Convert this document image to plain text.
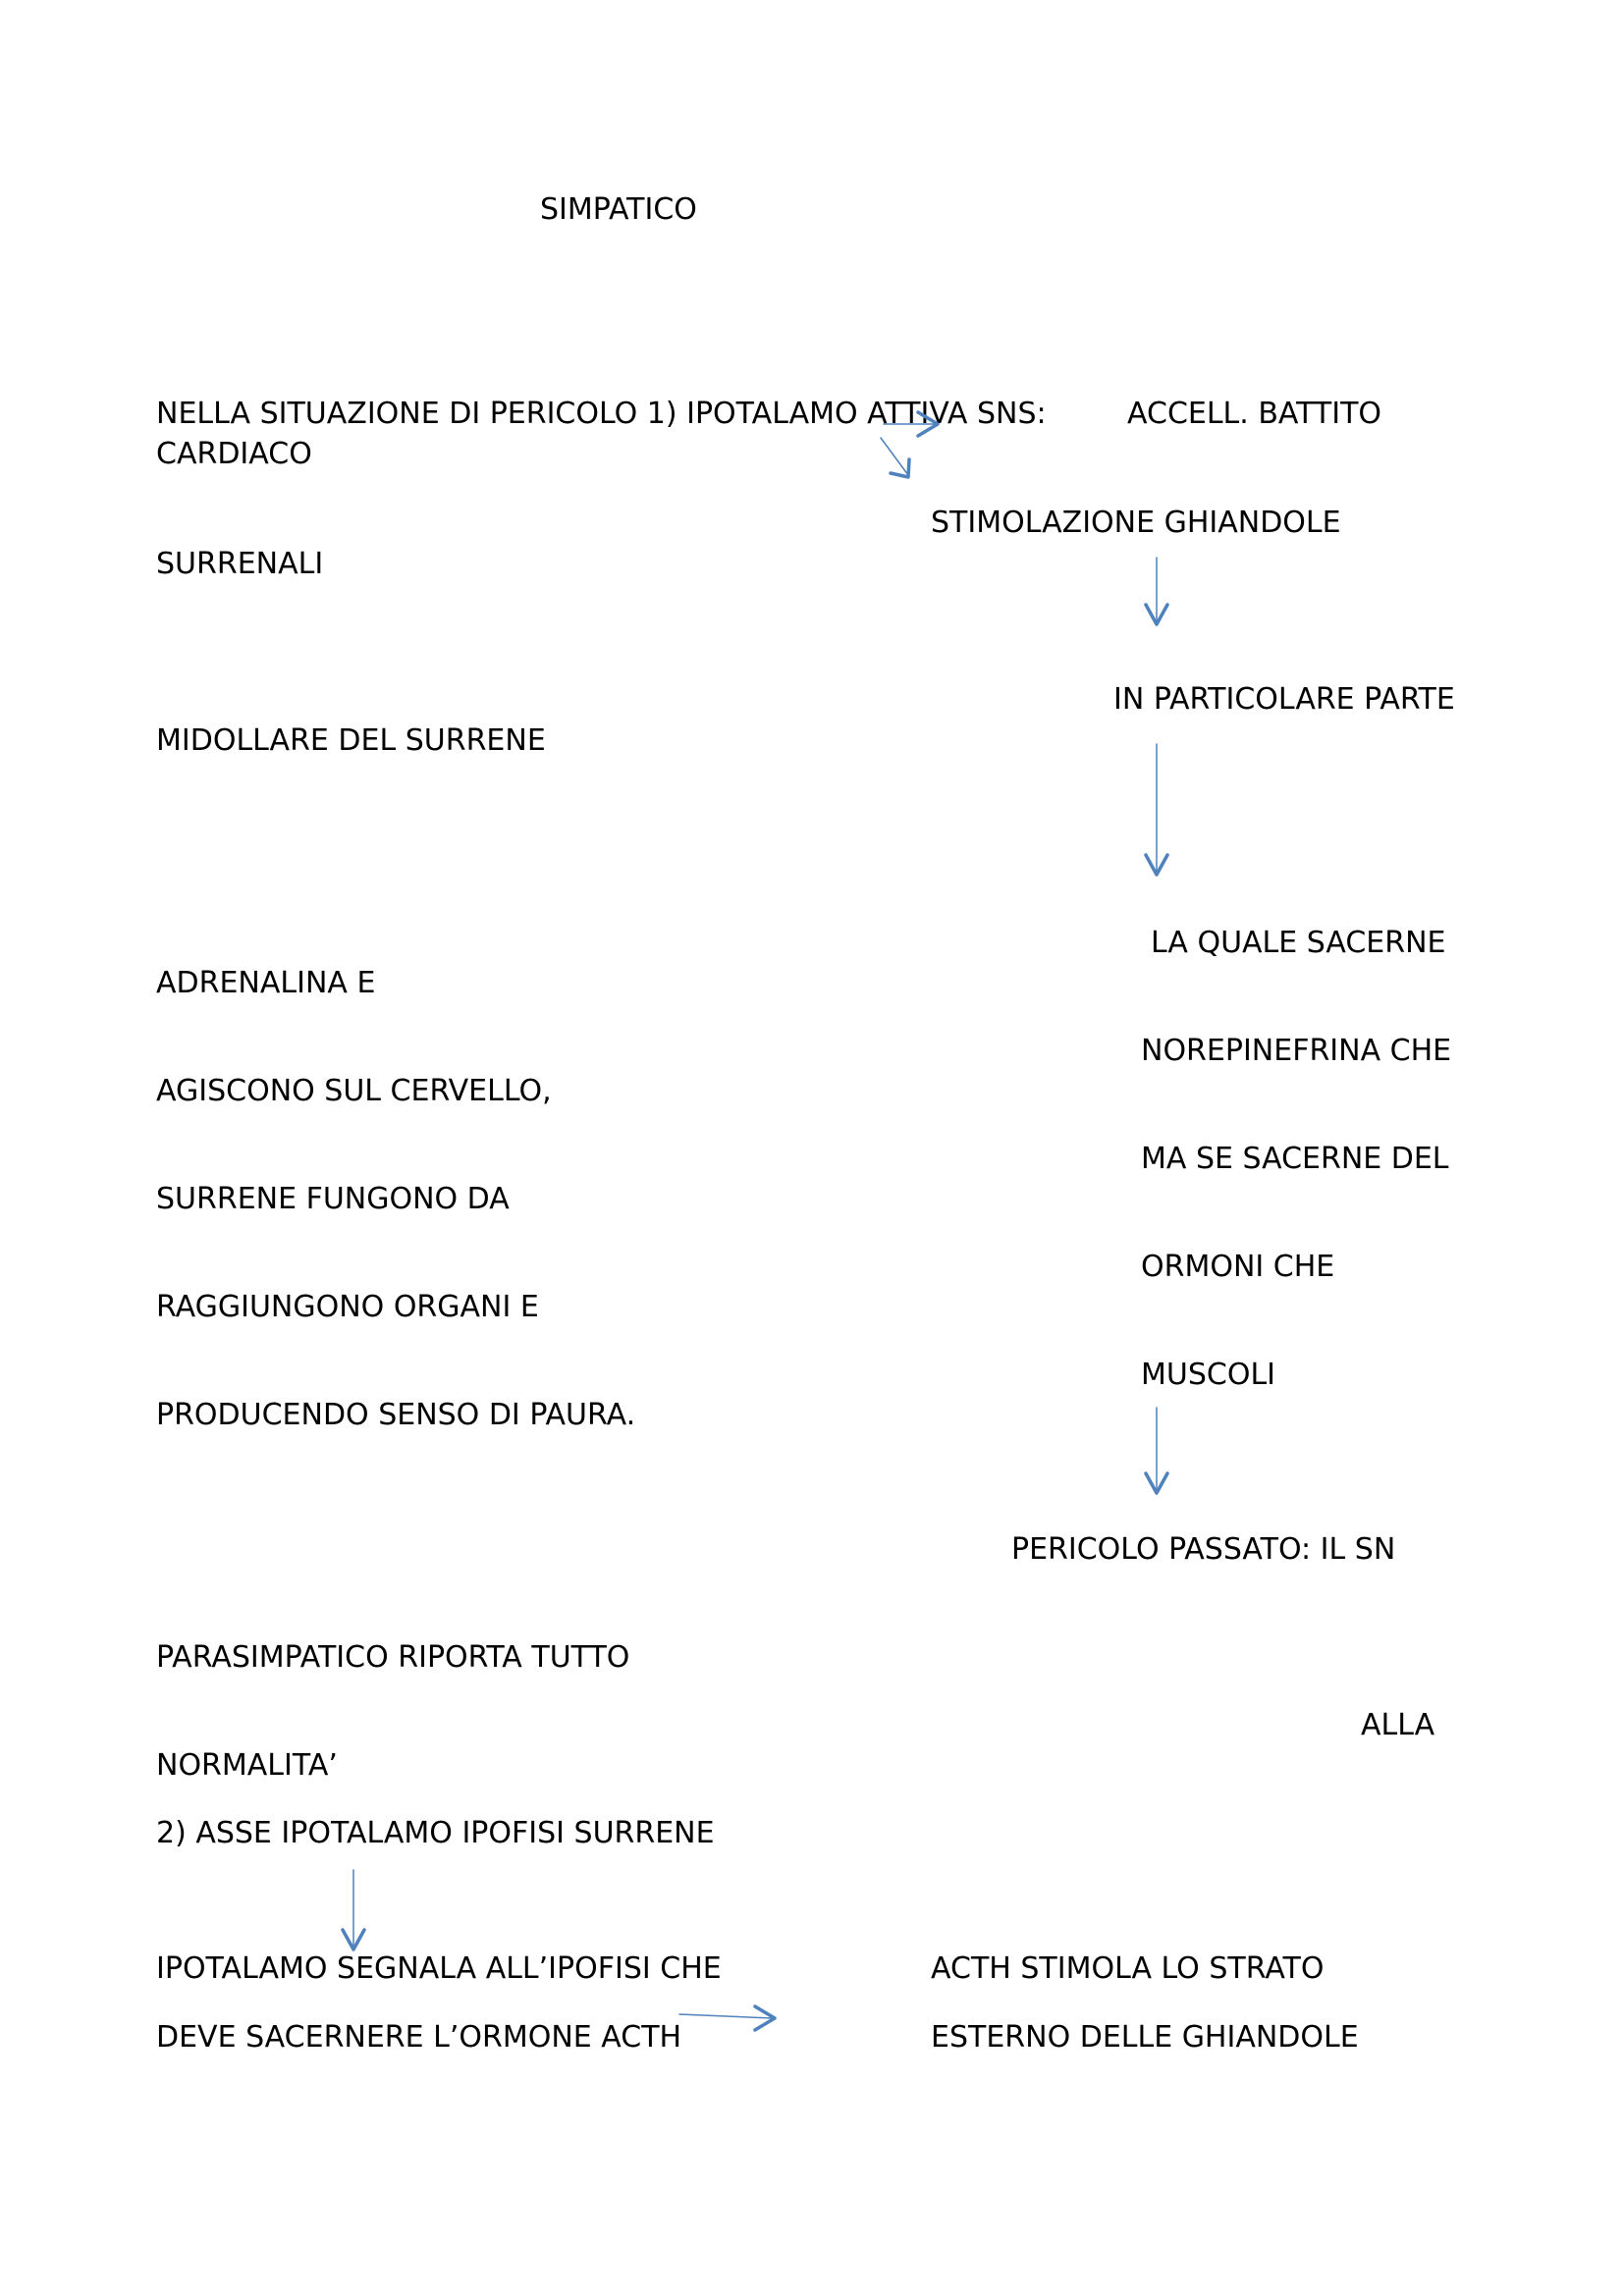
SIMPATICO
NELLA SITUAZIONE DI PERICOLO 1) IPOTALAMO ATTIVA SNS:	ACCELL. BATTITO
CARDIACO
STIMOLAZIONE GHIANDOLE
SURRENALI
IN PARTICOLARE PARTE
MIDOLLARE DEL SURRENE
LA QUALE SACERNE
ADRENALINA E
NOREPINEFRINA CHE
AGISCONO SUL CERVELLO,
MA SE SACERNE DEL
SURRENE FUNGONO DA
ORMONI CHE
RAGGIUNGONO ORGANI E
MUSCOLI
PRODUCENDO SENSO DI PAURA.
PERICOLO PASSATO: IL SN
PARASIMPATICO RIPORTA TUTTO
ALLA
NORMALITA’
2) ASSE IPOTALAMO IPOFISI SURRENE
IPOTALAMO SEGNALA ALL’IPOFISI CHE	ACTH STIMOLA LO STRATO
DEVE SACERNERE L’ORMONE ACTH	ESTERNO DELLE GHIANDOLE
